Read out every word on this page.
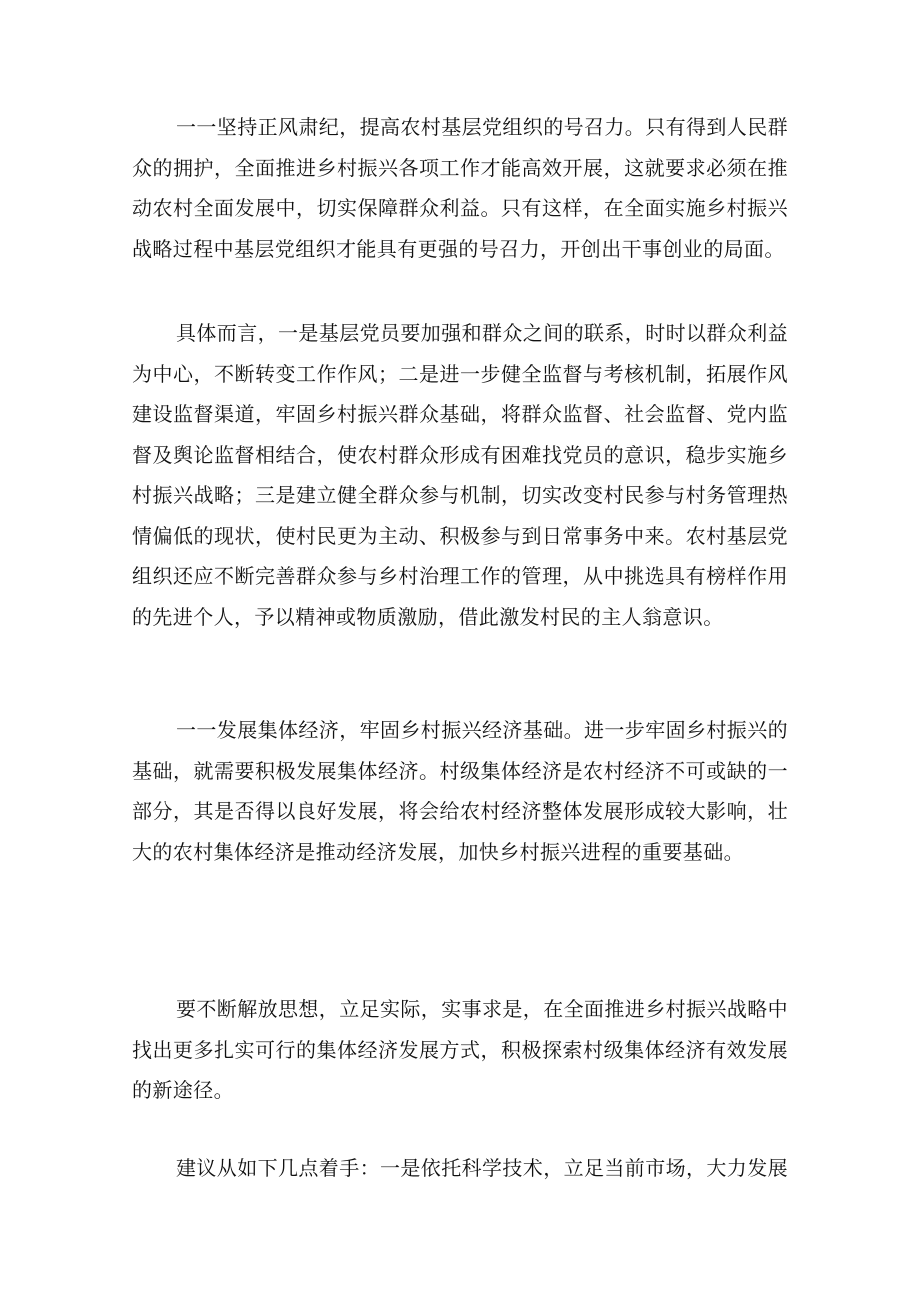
一一坚持正风肃纪，提高农村基层党组织的号召力。只有得到人民群众的拥护，全面推进乡村振兴各项工作才能高效开展，这就要求必须在推动农村全面发展中，切实保障群众利益。只有这样，在全面实施乡村振兴战略过程中基层党组织才能具有更强的号召力，开创出干事创业的局面。

具体而言，一是基层党员要加强和群众之间的联系，时时以群众利益为中心，不断转变工作作风；二是进一步健全监督与考核机制，拓展作风建设监督渠道，牢固乡村振兴群众基础，将群众监督、社会监督、党内监督及舆论监督相结合，使农村群众形成有困难找党员的意识，稳步实施乡村振兴战略；三是建立健全群众参与机制，切实改变村民参与村务管理热情偏低的现状，使村民更为主动、积极参与到日常事务中来。农村基层党组织还应不断完善群众参与乡村治理工作的管理，从中挑选具有榜样作用的先进个人，予以精神或物质激励，借此激发村民的主人翁意识。

一一发展集体经济，牢固乡村振兴经济基础。进一步牢固乡村振兴的基础，就需要积极发展集体经济。村级集体经济是农村经济不可或缺的一部分，其是否得以良好发展，将会给农村经济整体发展形成较大影响，壮大的农村集体经济是推动经济发展，加快乡村振兴进程的重要基础。

要不断解放思想，立足实际，实事求是，在全面推进乡村振兴战略中找出更多扎实可行的集体经济发展方式，积极探索村级集体经济有效发展的新途径。

建议从如下几点着手：一是依托科学技术，立足当前市场，大力发展
